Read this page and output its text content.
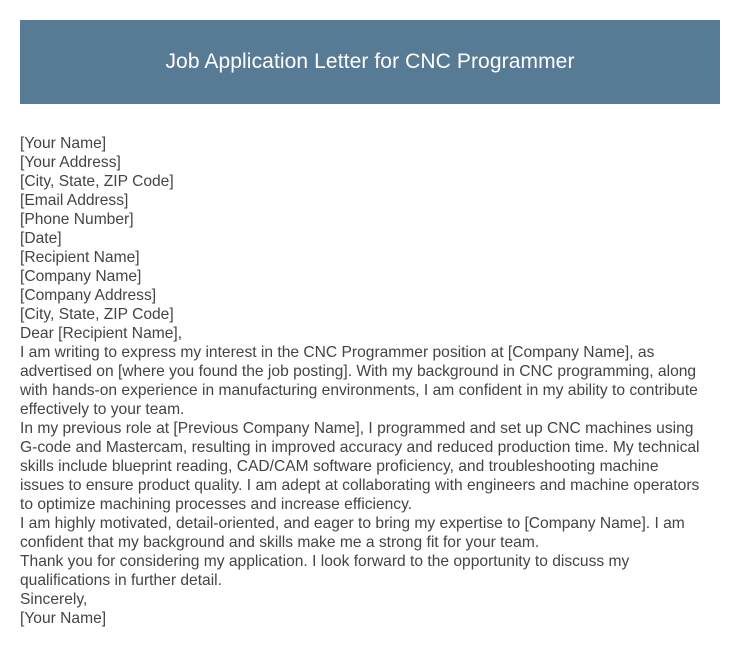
Job Application Letter for CNC Programmer
[Your Name]
[Your Address]
[City, State, ZIP Code]
[Email Address]
[Phone Number]
[Date]
[Recipient Name]
[Company Name]
[Company Address]
[City, State, ZIP Code]
Dear [Recipient Name],
I am writing to express my interest in the CNC Programmer position at [Company Name], as
advertised on [where you found the job posting]. With my background in CNC programming, along
with hands-on experience in manufacturing environments, I am confident in my ability to contribute
effectively to your team.
In my previous role at [Previous Company Name], I programmed and set up CNC machines using
G-code and Mastercam, resulting in improved accuracy and reduced production time. My technical
skills include blueprint reading, CAD/CAM software proficiency, and troubleshooting machine
issues to ensure product quality. I am adept at collaborating with engineers and machine operators
to optimize machining processes and increase efficiency.
I am highly motivated, detail-oriented, and eager to bring my expertise to [Company Name]. I am
confident that my background and skills make me a strong fit for your team.
Thank you for considering my application. I look forward to the opportunity to discuss my
qualifications in further detail.
Sincerely,
[Your Name]
